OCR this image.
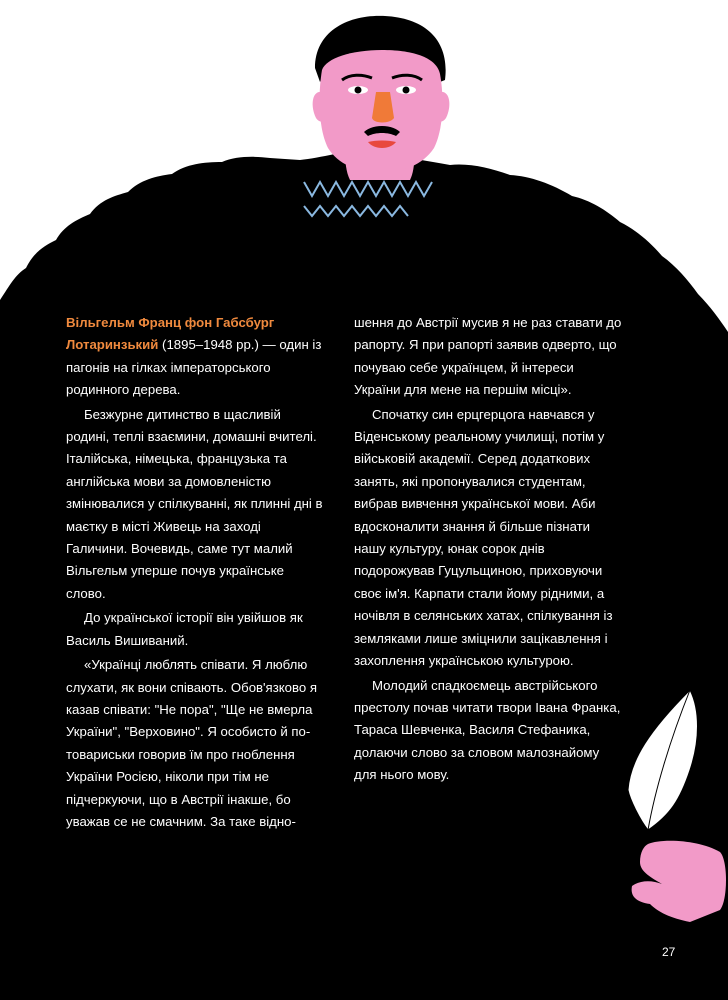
Вільгельм Франц фон Габсбург Лотаринзький (1895–1948 рр.) — один із пагонів на гілках імператорського родинного дерева.

Безжурне дитинство в щасливій родині, теплі взаємини, домашні вчителі. Італійська, німецька, французька та англійська мови за домовленістю змінювалися у спілкуванні, як плинні дні в маєтку в місті Живець на заході Галичини. Вочевидь, саме тут малий Вільгельм уперше почув українське слово.

До української історії він увійшов як Василь Вишиваний.

«Українці люблять співати. Я люблю слухати, як вони співають. Обов'язково я казав співати: "Не пора", "Ще не вмерла України", "Верховино". Я особисто й по-товариськи говорив їм про гноблення України Росією, ніколи при тім не підчеркуючи, що в Австрії інакше, бо уважав се не смачним. За таке відно-

шення до Австрії мусив я не раз ставати до рапорту. Я при рапорті заявив одверто, що почуваю себе українцем, й інтереси України для мене на першім місці».

Спочатку син ерцгерцога навчався у Віденському реальному училищі, потім у військовій академії. Серед додаткових занять, які пропонувалися студентам, вибрав вивчення української мови. Аби вдосконалити знання й більше пізнати нашу культуру, юнак сорок днів подорожував Гуцульщиною, приховуючи своє ім'я. Карпати стали йому рідними, а ночівля в селянських хатах, спілкування із земляками лише зміцнили зацікавлення і захоплення українською культурою.

Молодий спадкоємець австрійського престолу почав читати твори Івана Франка, Тараса Шевченка, Василя Стефаника, долаючи слово за словом малознайому для нього мову.

27
